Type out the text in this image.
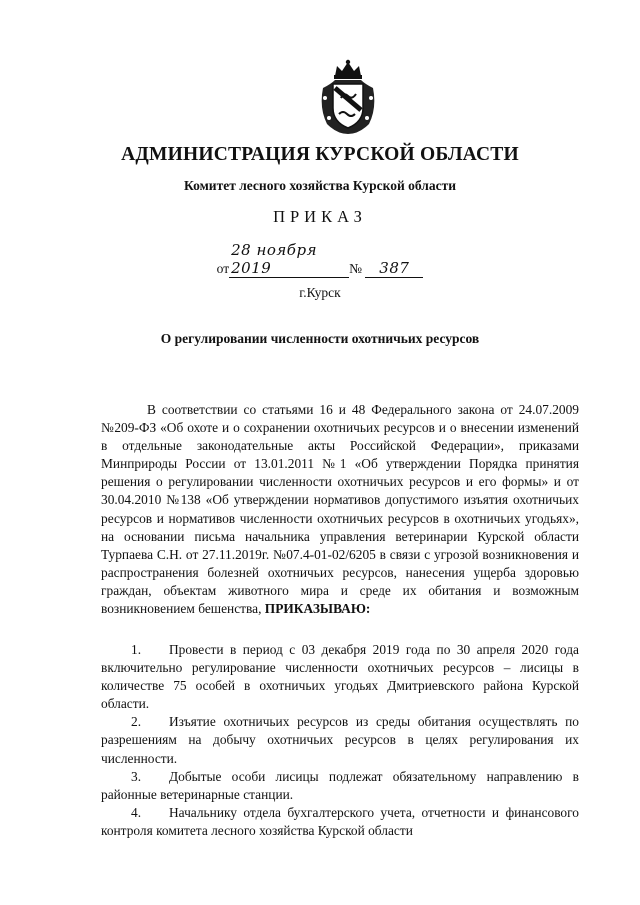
АДМИНИСТРАЦИЯ КУРСКОЙ ОБЛАСТИ
Комитет лесного хозяйства Курской области
ПРИКАЗ
от28 ноября 2019	№ 387
г.Курск
О регулировании численности охотничьих ресурсов

В соответствии со статьями 16 и 48 Федерального закона от 24.07.2009 №209-ФЗ «Об охоте и о сохранении охотничьих ресурсов и о внесении изменений в отдельные законодательные акты Российской Федерации», приказами Минприроды России от 13.01.2011 №1 «Об утверждении Порядка принятия решения о регулировании численности охотничьих ресурсов и его формы» и от 30.04.2010 №138 «Об утверждении нормативов допустимого изъятия охотничьих ресурсов и нормативов численности охотничьих ресурсов в охотничьих угодьях», на основании письма начальника управления ветеринарии Курской области Турпаева С.Н. от 27.11.2019г. №07.4-01-02/6205 в связи с угрозой возникновения и распространения болезней охотничьих ресурсов, нанесения ущерба здоровью граждан, объектам животного мира и среде их обитания и возможным возникновением бешенства, ПРИКАЗЫВАЮ:

1. Провести в период с 03 декабря 2019 года по 30 апреля 2020 года включительно регулирование численности охотничьих ресурсов – лисицы в количестве 75 особей в охотничьих угодьях Дмитриевского района Курской области.

2. Изъятие охотничьих ресурсов из среды обитания осуществлять по разрешениям на добычу охотничьих ресурсов в целях регулирования их численности.

3. Добытые особи лисицы подлежат обязательному направлению в районные ветеринарные станции.

4. Начальнику отдела бухгалтерского учета, отчетности и финансового контроля комитета лесного хозяйства Курской области
